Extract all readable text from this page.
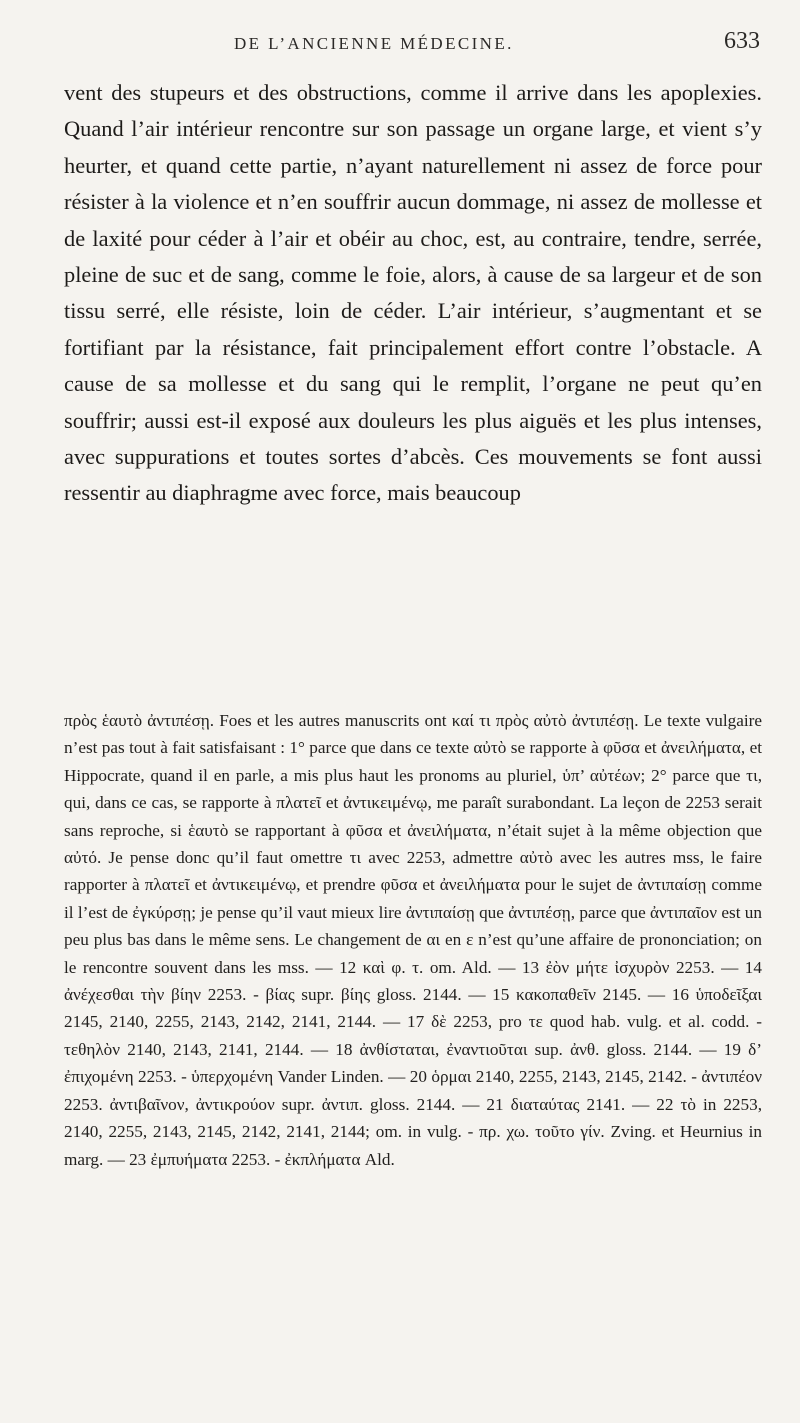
DE L’ANCIENNE MÉDECINE.	633

vent des stupeurs et des obstructions, comme il arrive dans les apoplexies. Quand l’air intérieur rencontre sur son passage un organe large, et vient s’y heurter, et quand cette partie, n’ayant naturellement ni assez de force pour résister à la violence et n’en souffrir aucun dommage, ni assez de mollesse et de laxité pour céder à l’air et obéir au choc, est, au contraire, tendre, serrée, pleine de suc et de sang, comme le foie, alors, à cause de sa largeur et de son tissu serré, elle résiste, loin de céder. L’air intérieur, s’augmentant et se fortifiant par la résistance, fait principalement effort contre l’obstacle. A cause de sa mollesse et du sang qui le remplit, l’organe ne peut qu’en souffrir; aussi est-il exposé aux douleurs les plus aiguës et les plus intenses, avec suppurations et toutes sortes d’abcès. Ces mouvements se font aussi ressentir au diaphragme avec force, mais beaucoup

πρὸς ἑαυτὸ ἀντιπέσῃ. Foes et les autres manuscrits ont καί τι πρὸς αὐτὸ ἀντιπέσῃ. Le texte vulgaire n’est pas tout à fait satisfaisant : 1° parce que dans ce texte αὐτὸ se rapporte à φῦσα et ἀνειλήματα, et Hippocrate, quand il en parle, a mis plus haut les pronoms au pluriel, ὑπ’ αὐτέων; 2° parce que τι, qui, dans ce cas, se rapporte à πλατεῖ et ἀντικειμένῳ, me paraît surabondant. La leçon de 2253 serait sans reproche, si ἑαυτὸ se rapportant à φῦσα et ἀνειλήματα, n’était sujet à la même objection que αὐτό. Je pense donc qu’il faut omettre τι avec 2253, admettre αὐτὸ avec les autres mss, le faire rapporter à πλατεῖ et ἀντικειμένῳ, et prendre φῦσα et ἀνειλήματα pour le sujet de ἀντιπαίσῃ comme il l’est de ἐγκύρσῃ; je pense qu’il vaut mieux lire ἀντιπαίσῃ que ἀντιπέσῃ, parce que ἀντιπαῖον est un peu plus bas dans le même sens. Le changement de αι en ε n’est qu’une affaire de prononciation; on le rencontre souvent dans les mss. — 12 καὶ φ. τ. om. Ald. — 13 ἐὸν μήτε ἰσχυρὸν 2253. — 14 ἀνέχεσθαι τὴν βίην 2253. - βίας supr. βίης gloss. 2144. — 15 κακοπαθεῖν 2145. — 16 ὑποδεῖξαι 2145, 2140, 2255, 2143, 2142, 2141, 2144. — 17 δὲ 2253, pro τε quod hab. vulg. et al. codd. - τεθηλὸν 2140, 2143, 2141, 2144. — 18 ἀνθίσταται, ἐναντιοῦται sup. ἀνθ. gloss. 2144. — 19 δ’ ἐπιχομένη 2253. - ὑπερχομένη Vander Linden. — 20 ὁρμαι 2140, 2255, 2143, 2145, 2142. - ἀντιπέον 2253. ἀντιβαῖνον, ἀντικρούον supr. ἀντιπ. gloss. 2144. — 21 διαταύτας 2141. — 22 τὸ in 2253, 2140, 2255, 2143, 2145, 2142, 2141, 2144; om. in vulg. - πρ. χω. τοῦτο γίν. Zving. et Heurnius in marg. — 23 ἐμπυήματα 2253. - ἐκπλήματα Ald.
